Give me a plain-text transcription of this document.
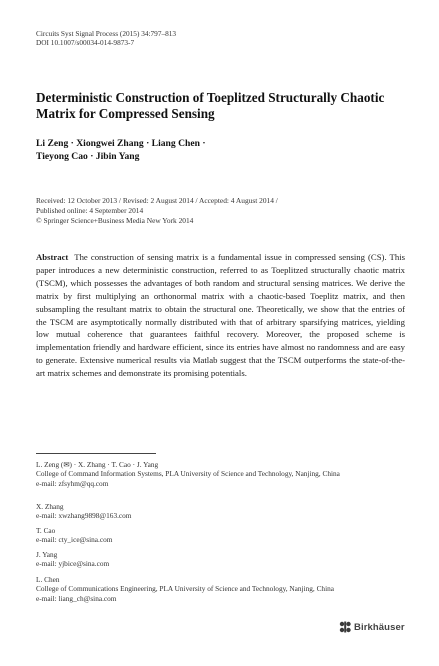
Circuits Syst Signal Process (2015) 34:797–813
DOI 10.1007/s00034-014-9873-7
Deterministic Construction of Toeplitzed Structurally Chaotic Matrix for Compressed Sensing
Li Zeng · Xiongwei Zhang · Liang Chen ·
Tieyong Cao · Jibin Yang
Received: 12 October 2013 / Revised: 2 August 2014 / Accepted: 4 August 2014 /
Published online: 4 September 2014
© Springer Science+Business Media New York 2014
Abstract The construction of sensing matrix is a fundamental issue in compressed sensing (CS). This paper introduces a new deterministic construction, referred to as Toeplitzed structurally chaotic matrix (TSCM), which possesses the advantages of both random and structural sensing matrices. We derive the matrix by first multiplying an orthonormal matrix with a chaotic-based Toeplitz matrix, and then subsampling the resultant matrix to obtain the structural one. Theoretically, we show that the entries of the TSCM are asymptotically normally distributed with that of arbitrary sparsifying matrices, yielding low mutual coherence that guarantees faithful recovery. Moreover, the proposed scheme is implementation friendly and hardware efficient, since its entries have almost no randomness and are easy to generate. Extensive numerical results via Matlab suggest that the TSCM outperforms the state-of-the-art matrix schemes and demonstrate its promising potentials.
L. Zeng (✉) · X. Zhang · T. Cao · J. Yang
College of Command Information Systems, PLA University of Science and Technology, Nanjing, China
e-mail: zfsyhm@qq.com
X. Zhang
e-mail: xwzhang9898@163.com
T. Cao
e-mail: cty_ice@sina.com
J. Yang
e-mail: yjbice@sina.com
L. Chen
College of Communications Engineering, PLA University of Science and Technology, Nanjing, China
e-mail: liang_ch@sina.com
Birkhäuser
